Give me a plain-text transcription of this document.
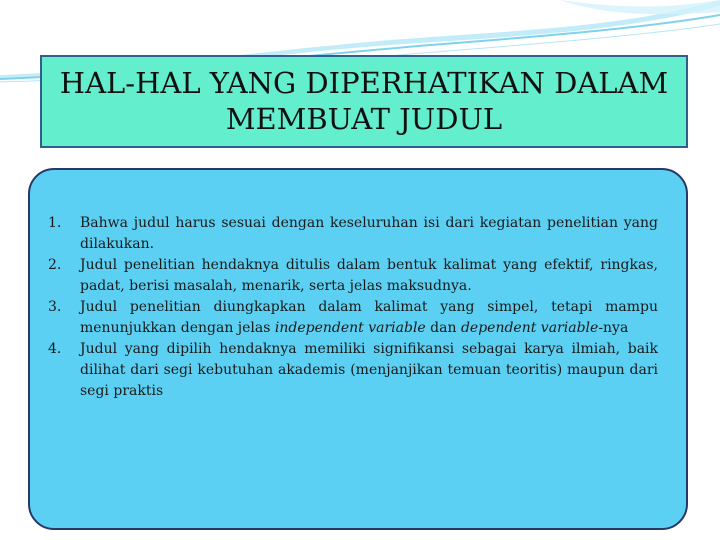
HAL-HAL YANG DIPERHATIKAN DALAM
MEMBUAT JUDUL
1.	Bahwa judul harus sesuai dengan keseluruhan isi dari kegiatan penelitian yang dilakukan.
2.	Judul penelitian hendaknya ditulis dalam bentuk kalimat yang efektif, ringkas, padat, berisi masalah, menarik, serta jelas maksudnya.
3.	Judul penelitian diungkapkan dalam kalimat yang simpel, tetapi mampu menunjukkan dengan jelas independent variable dan dependent variable-nya
4.	Judul yang dipilih hendaknya memiliki signifikansi sebagai karya ilmiah, baik dilihat dari segi kebutuhan akademis (menjanjikan temuan teoritis) maupun dari segi praktis
